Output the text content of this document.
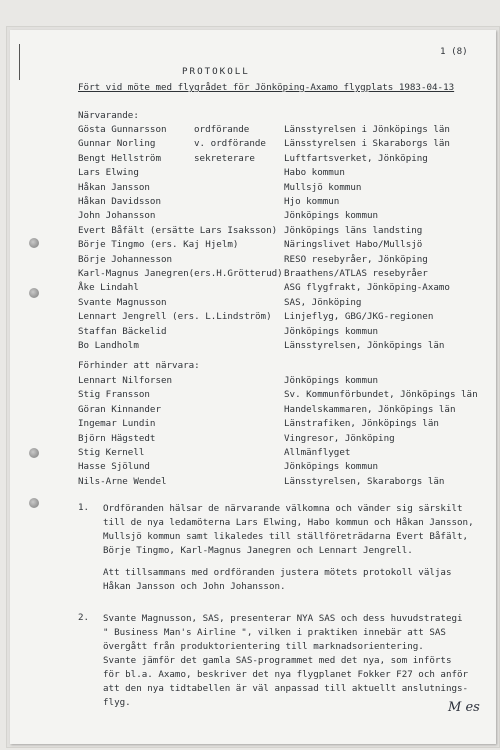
1 (8)
PROTOKOLL
Fört vid möte med flygrådet för Jönköping-Axamo flygplats 1983-04-13
Närvarande:
Gösta Gunnarsson	ordförande	Länsstyrelsen i Jönköpings län
Gunnar Norling	v. ordförande Länsstyrelsen i Skaraborgs län
Bengt Hellström	sekreterare	Luftfartsverket, Jönköping
Lars Elwing	Habo kommun
Håkan Jansson	Mullsjö kommun
Håkan Davidsson	Hjo kommun
John Johansson	Jönköpings kommun
Evert Båfält (ersätte Lars Isaksson) Jönköpings läns landsting
Börje Tingmo (ers. Kaj Hjelm)	Näringslivet Habo/Mullsjö
Börje Johannesson	RESO resebyråer, Jönköping
Karl-Magnus Janegren(ers.H.Grötterud) Braathens/ATLAS resebyråer
Åke Lindahl	ASG flygfrakt, Jönköping-Axamo
Svante Magnusson	SAS, Jönköping
Lennart Jengrell (ers. L.Lindström) Linjeflyg, GBG/JKG-regionen
Staffan Bäckelid	Jönköpings kommun
Bo Landholm	Länsstyrelsen, Jönköpings län
Förhinder att närvara:
Lennart Nilforsen	Jönköpings kommun
Stig Fransson	Sv. Kommunförbundet, Jönköpings län
Göran Kinnander	Handelskammaren, Jönköpings län
Ingemar Lundin	Länstrafiken, Jönköpings län
Björn Hägstedt	Vingresor, Jönköping
Stig Kernell	Allmänflyget
Hasse Sjölund	Jönköpings kommun
Nils-Arne Wendel	Länsstyrelsen, Skaraborgs län
1. Ordföranden hälsar de närvarande välkomna och vänder sig särskilt
till de nya ledamöterna Lars Elwing, Habo kommun och Håkan Jansson,
Mullsjö kommun samt likaledes till ställföreträdarna Evert Båfält,
Börje Tingmo, Karl-Magnus Janegren och Lennart Jengrell.
Att tillsammans med ordföranden justera mötets protokoll väljas
Håkan Jansson och John Johansson.
2. Svante Magnusson, SAS, presenterar NYA SAS och dess huvudstrategi
" Business Man's Airline ", vilken i praktiken innebär att SAS
övergått från produktorientering till marknadsorientering.
Svante jämför det gamla SAS-programmet med det nya, som införts
för bl.a. Axamo, beskriver det nya flygplanet Fokker F27 och anför
att den nya tidtabellen är väl anpassad till aktuellt anslutnings-
flyg.	M es
